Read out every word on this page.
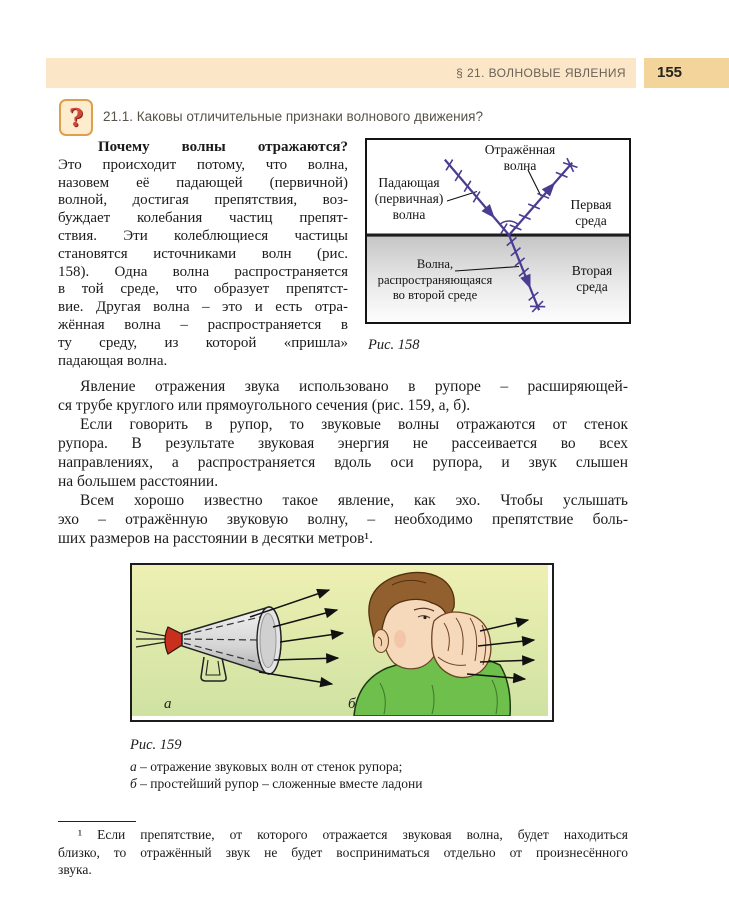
§ 21. ВОЛНОВЫЕ ЯВЛЕНИЯ 155
? 21.1. Каковы отличительные признаки волнового движения?
Почему волны отражаются?
Это происходит потому, что волна,
назовем её падающей (первичной)
волной, достигая препятствия, воз-
буждает колебания частиц препят-
ствия. Эти колеблющиеся частицы
становятся источниками волн (рис.
158). Одна волна распространяется
в той среде, что образует препятст-
вие. Другая волна – это и есть отра-
жённая волна – распространяется в
ту среду, из которой «пришла»
падающая волна.
Отражённая
волна
Падающая
(первичная)
волна
Первая
среда
Волна,
распространяющаяся
во второй среде
Вторая
среда
Рис. 158
Явление отражения звука использовано в рупоре – расширяющей-
ся трубе круглого или прямоугольного сечения (рис. 159, а, б).
Если говорить в рупор, то звуковые волны отражаются от стенок
рупора. В результате звуковая энергия не рассеивается во всех
направлениях, а распространяется вдоль оси рупора, и звук слышен
на большем расстоянии.
Всем хорошо известно такое явление, как эхо. Чтобы услышать
эхо – отражённую звуковую волну, – необходимо препятствие боль-
ших размеров на расстоянии в десятки метров¹.
а	б
Рис. 159
а – отражение звуковых волн от стенок рупора;
б – простейший рупор – сложенные вместе ладони
¹ Если препятствие, от которого отражается звуковая волна, будет находиться
близко, то отражённый звук не будет восприниматься отдельно от произнесённого
звука.
